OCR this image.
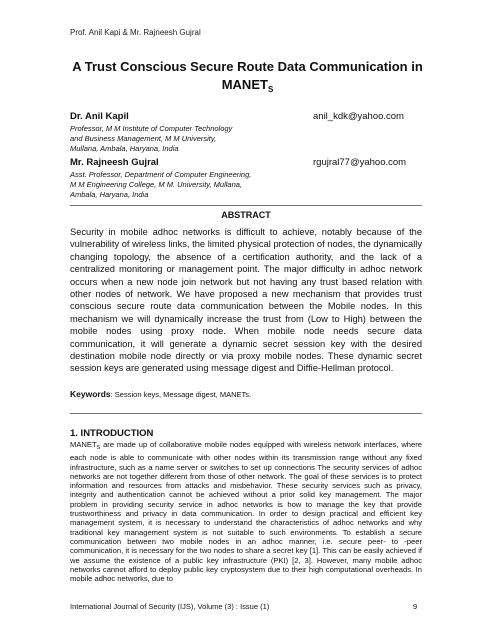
Prof. Anil Kapi & Mr. Rajneesh Gujral
A Trust Conscious Secure Route Data Communication in
$MANET_S$
Dr. Anil Kapil	anil_kdk@yahoo.com
Professor, M M Institute of Computer Technology
and Business Management, M M University,
Mullana, Ambala, Haryana, India
Mr. Rajneesh Gujral	rgujral77@yahoo.com
Asst. Professor, Department of Computer Engineering,
M M Engineering College, M M. University, Mullana,
Ambala, Haryana, India
ABSTRACT
Security in mobile adhoc networks is difficult to achieve, notably because of the vulnerability of wireless links, the limited physical protection of nodes, the dynamically changing topology, the absence of a certification authority, and the lack of a centralized monitoring or management point. The major difficulty in adhoc network occurs when a new node join network but not having any trust based relation with other nodes of network. We have proposed a new mechanism that provides trust conscious secure route data communication between the Mobile nodes. In this mechanism we will dynamically increase the trust from (Low to High) between the mobile nodes using proxy node. When mobile node needs secure data communication, it will generate a dynamic secret session key with the desired destination mobile node directly or via proxy mobile nodes. These dynamic secret session keys are generated using message digest and Diffie-Hellman protocol.
Keywords: Session keys, Message digest, MANETs.
1. INTRODUCTION
$MANET_S$ are made up of collaborative mobile nodes equipped with wireless network interfaces, where each node is able to communicate with other nodes within its transmission range without any fixed infrastructure, such as a name server or switches to set up connections The security services of adhoc networks are not together different from those of other network. The goal of these services is to protect information and resources from attacks and misbehavior. These security services such as privacy, integrity and authentication cannot be achieved without a prior solid key management. The major problem in providing security service in adhoc networks is how to manage the key that provide trustworthiness and privacy in data communication. In order to design practical and efficient key management system, it is necessary to understand the characteristics of adhoc networks and why traditional key management system is not suitable to such environments. To establish a secure communication between two mobile nodes in an adhoc manner, i.e. secure peer- to -peer communication, it is necessary for the two nodes to share a secret key [1]. This can be easily achieved if we assume the existence of a public key infrastructure (PKI) [2, 3]. However, many mobile adhoc networks cannot afford to deploy public key cryptosystem due to their high computational overheads. In mobile adhoc networks, due to
International Journal of Security (IJS), Volume (3) : Issue (1)	9
